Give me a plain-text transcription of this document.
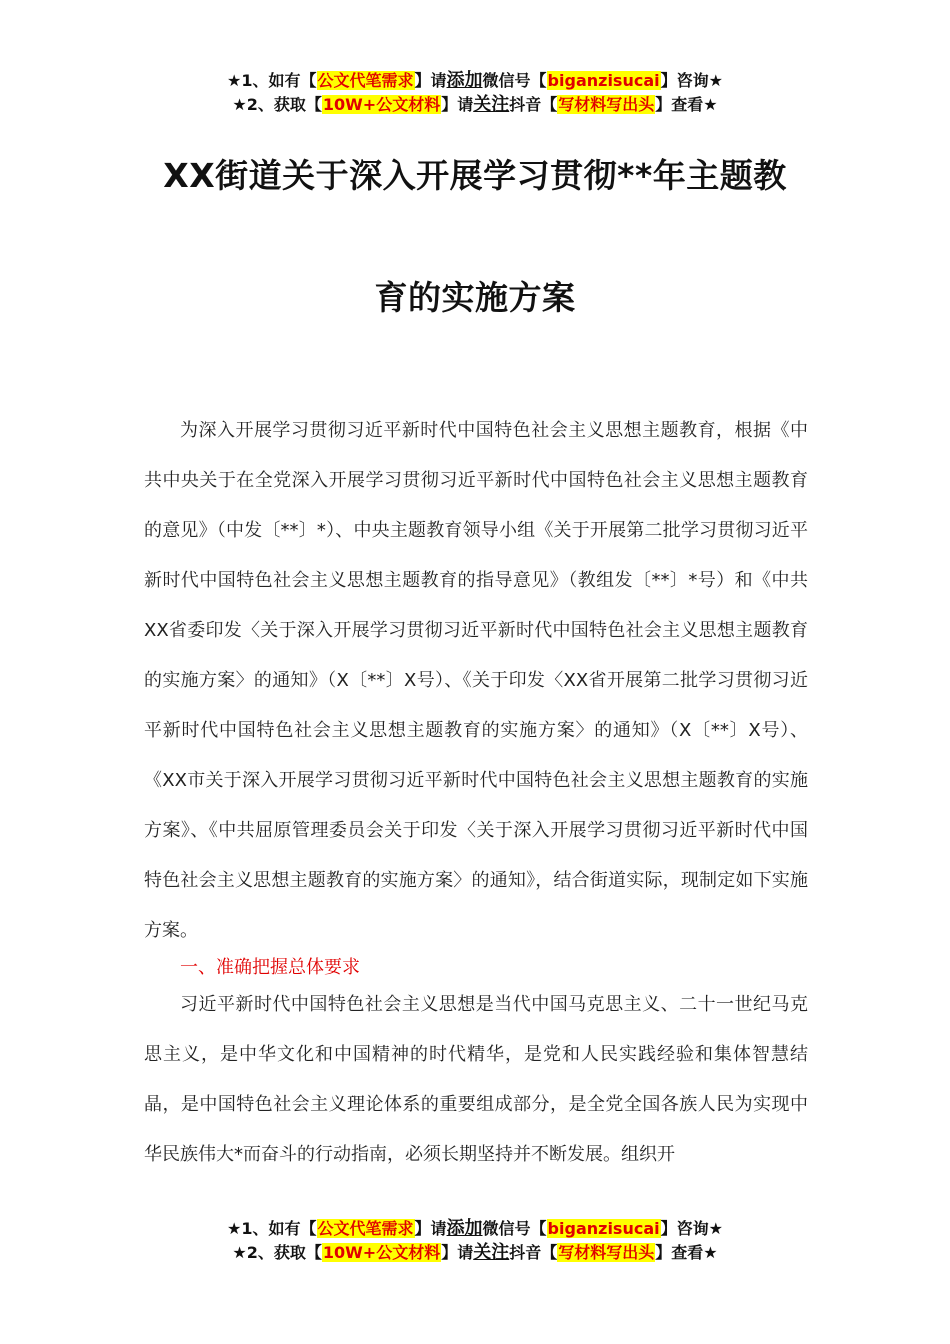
★1、如有【公文代笔需求】请添加微信号【biganzisucai】咨询★
★2、获取【10W+公文材料】请关注抖音【写材料写出头】查看★
XX街道关于深入开展学习贯彻**年主题教
育的实施方案

为深入开展学习贯彻习近平新时代中国特色社会主义思想主题教育，根据《中共中央关于在全党深入开展学习贯彻习近平新时代中国特色社会主义思想主题教育的意见》（中发〔**〕*）、中央主题教育领导小组《关于开展第二批学习贯彻习近平新时代中国特色社会主义思想主题教育的指导意见》（教组发〔**〕*号）和《中共XX省委印发〈关于深入开展学习贯彻习近平新时代中国特色社会主义思想主题教育的实施方案〉的通知》（X〔**〕X号）、《关于印发〈XX省开展第二批学习贯彻习近平新时代中国特色社会主义思想主题教育的实施方案〉的通知》（X〔**〕X号）、《XX市关于深入开展学习贯彻习近平新时代中国特色社会主义思想主题教育的实施方案》、《中共屈原管理委员会关于印发〈关于深入开展学习贯彻习近平新时代中国特色社会主义思想主题教育的实施方案〉的通知》，结合街道实际，现制定如下实施方案。

一、准确把握总体要求

习近平新时代中国特色社会主义思想是当代中国马克思主义、二十一世纪马克思主义，是中华文化和中国精神的时代精华，是党和人民实践经验和集体智慧结晶，是中国特色社会主义理论体系的重要组成部分，是全党全国各族人民为实现中华民族伟大*而奋斗的行动指南，必须长期坚持并不断发展。组织开

★1、如有【公文代笔需求】请添加微信号【biganzisucai】咨询★
★2、获取【10W+公文材料】请关注抖音【写材料写出头】查看★
